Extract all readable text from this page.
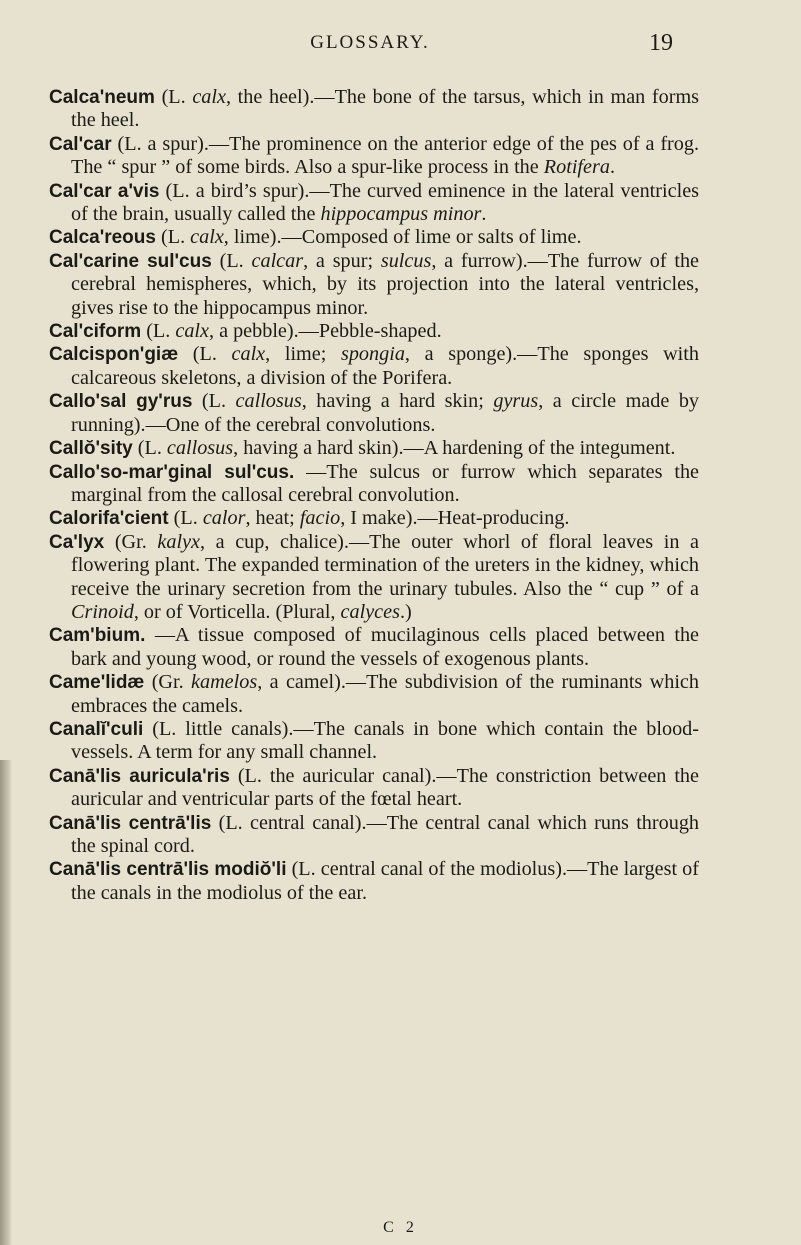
GLOSSARY.	19

Calca'neum (L. calx, the heel).—The bone of the tarsus, which in man forms the heel.

Cal'car (L. a spur).—The prominence on the anterior edge of the pes of a frog. The “ spur ” of some birds. Also a spur-like process in the Rotifera.

Cal'car a'vis (L. a bird’s spur).—The curved eminence in the lateral ventricles of the brain, usually called the hippocampus minor.

Calca'reous (L. calx, lime).—Composed of lime or salts of lime.

Cal'carine sul'cus (L. calcar, a spur; sulcus, a furrow).—The furrow of the cerebral hemispheres, which, by its projection into the lateral ventricles, gives rise to the hippocampus minor.

Cal'ciform (L. calx, a pebble).—Pebble-shaped.

Calcispon'giæ (L. calx, lime; spongia, a sponge).—The sponges with calcareous skeletons, a division of the Porifera.

Callo'sal gy'rus (L. callosus, having a hard skin; gyrus, a circle made by running).—One of the cerebral convolutions.

Callŏ'sity (L. callosus, having a hard skin).—A hardening of the integument.

Callo'so-mar'ginal sul'cus. —The sulcus or furrow which separates the marginal from the callosal cerebral convolution.

Calorifa'cient (L. calor, heat; facio, I make).—Heat-producing.

Ca'lyx (Gr. kalyx, a cup, chalice).—The outer whorl of floral leaves in a flowering plant. The expanded termination of the ureters in the kidney, which receive the urinary secretion from the urinary tubules. Also the “ cup ” of a Crinoid, or of Vorticella. (Plural, calyces.)

Cam'bium. —A tissue composed of mucilaginous cells placed between the bark and young wood, or round the vessels of exogenous plants.

Came'lidæ (Gr. kamelos, a camel).—The subdivision of the ruminants which embraces the camels.

Canalĭ'culi (L. little canals).—The canals in bone which contain the blood-vessels. A term for any small channel.

Canā'lis auricula'ris (L. the auricular canal).—The constriction between the auricular and ventricular parts of the fœtal heart.

Canā'lis centrā'lis (L. central canal).—The central canal which runs through the spinal cord.

Canā'lis centrā'lis modiŏ'li (L. central canal of the modiolus).—The largest of the canals in the modiolus of the ear.

C 2
